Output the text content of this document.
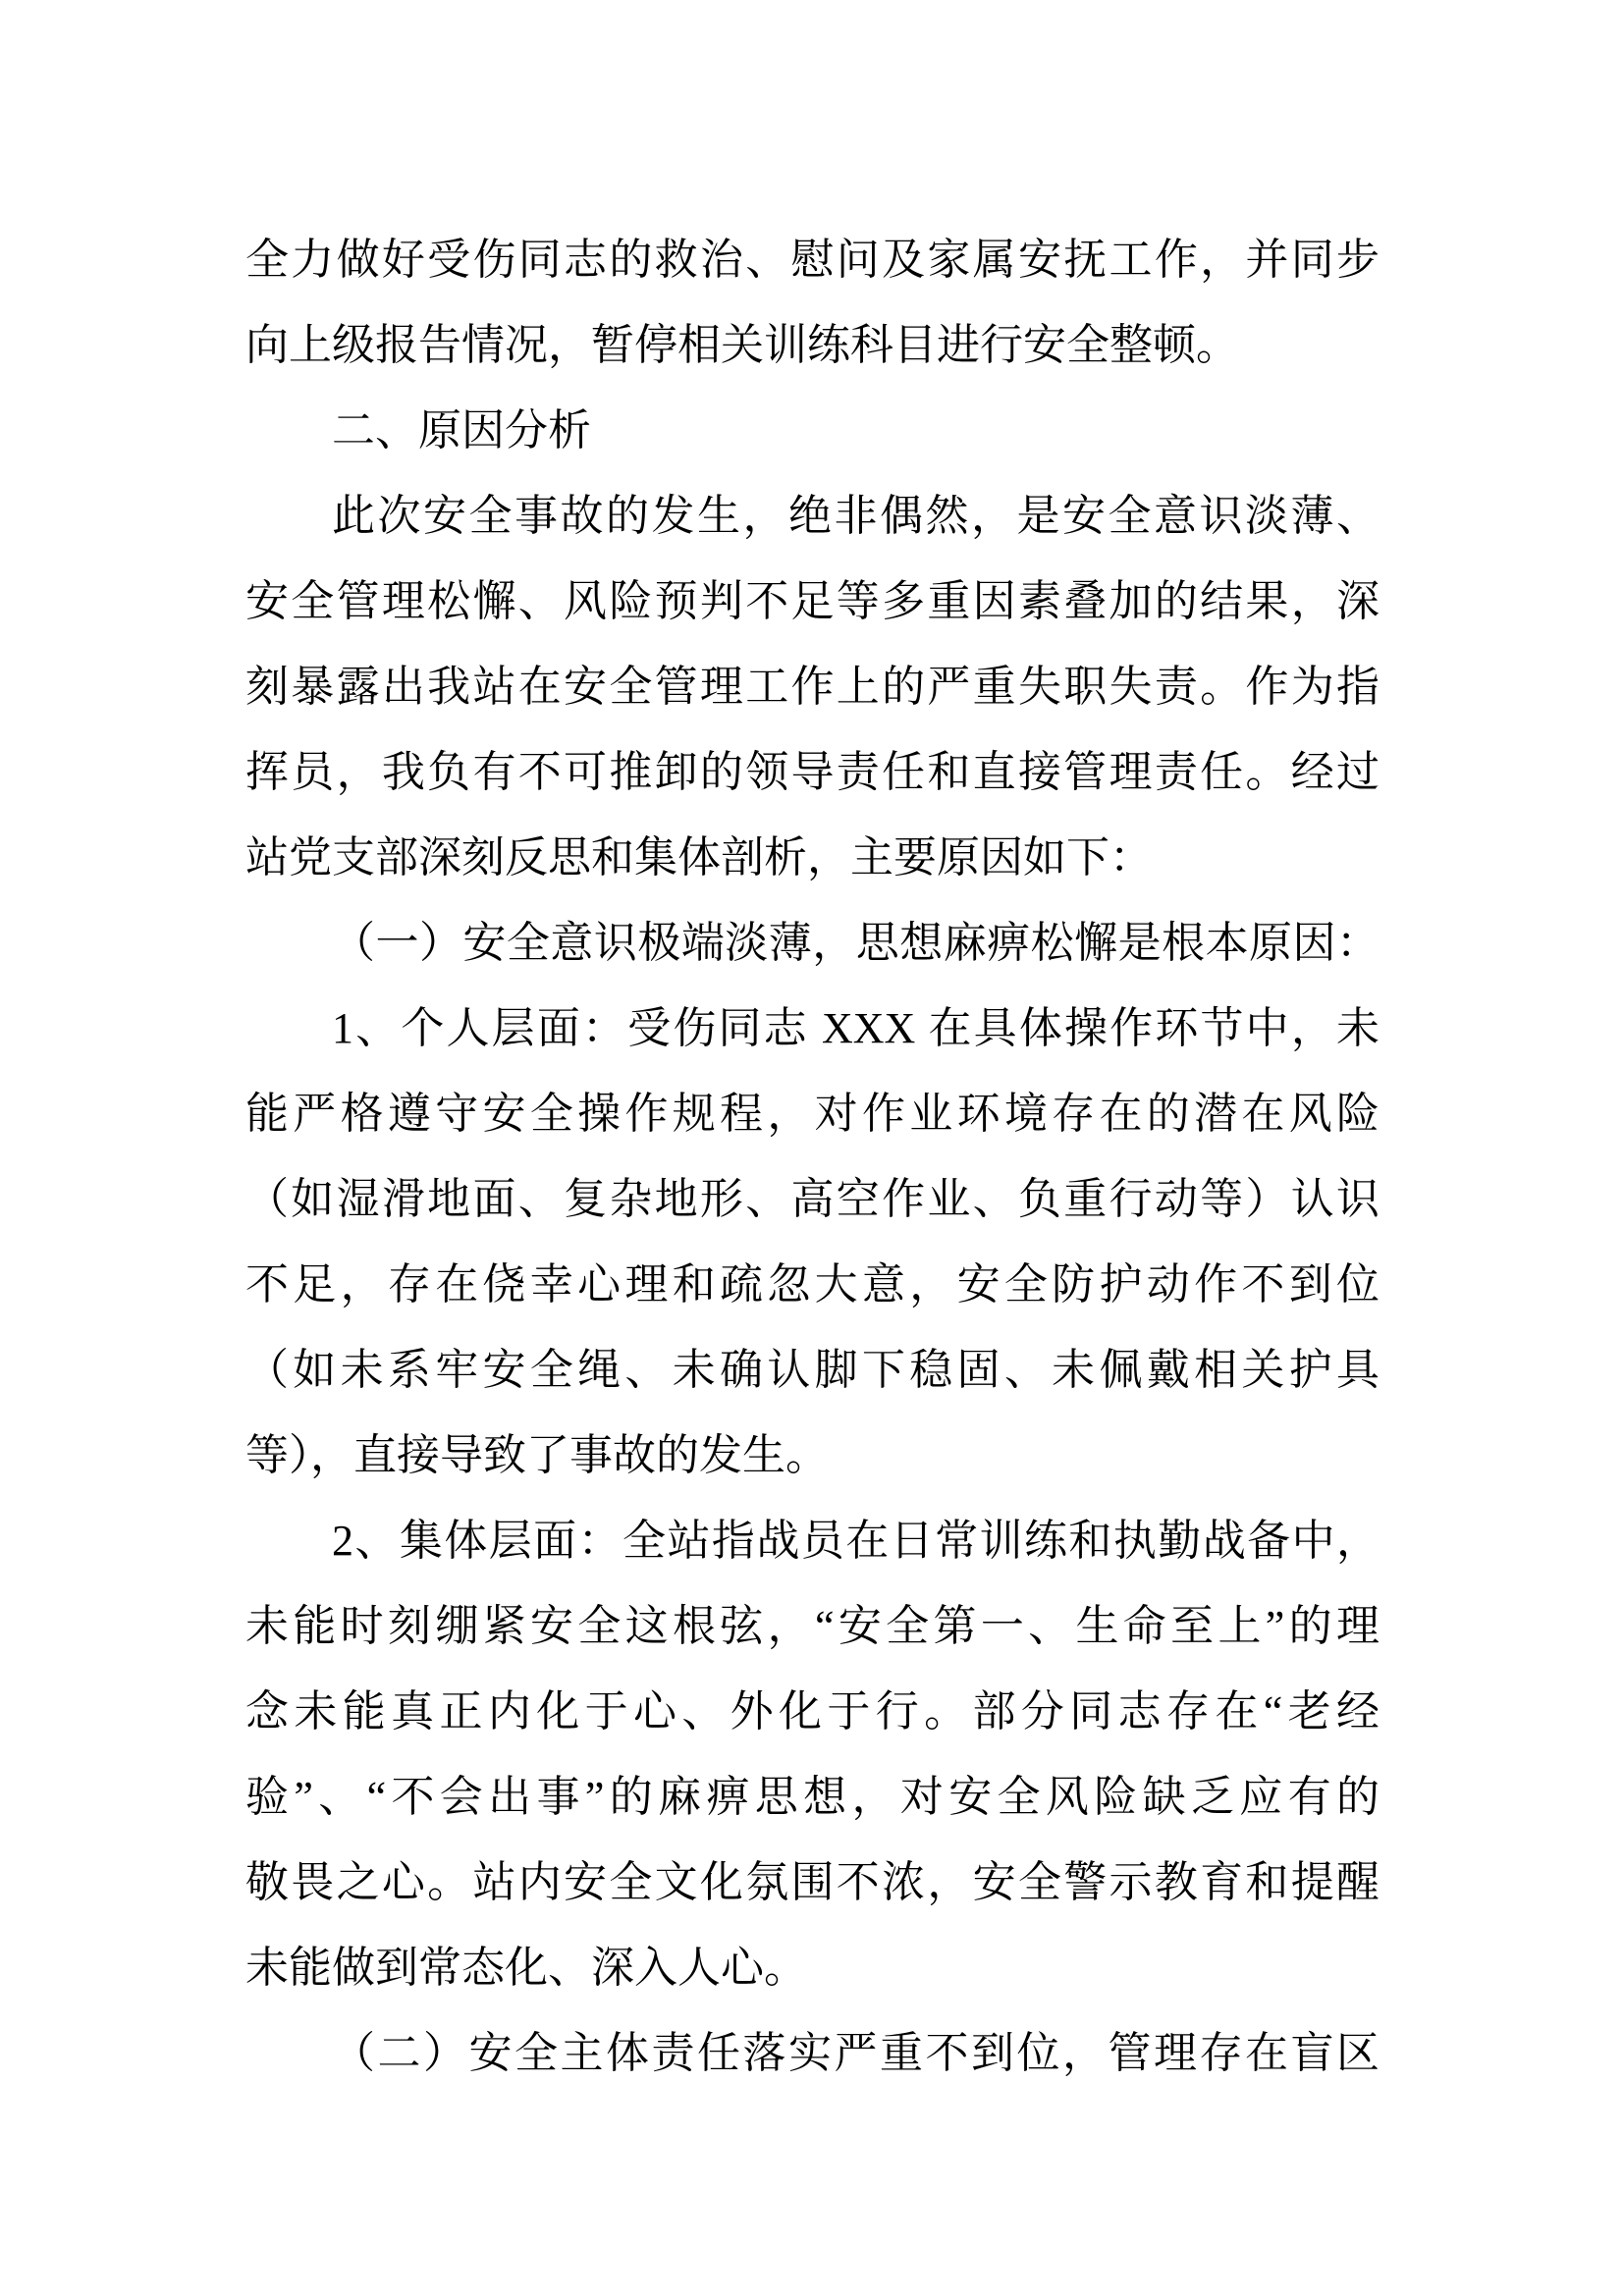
全力做好受伤同志的救治、慰问及家属安抚工作，并同步
向上级报告情况，暂停相关训练科目进行安全整顿。
二、原因分析
此次安全事故的发生，绝非偶然，是安全意识淡薄、
安全管理松懈、风险预判不足等多重因素叠加的结果，深
刻暴露出我站在安全管理工作上的严重失职失责。作为指
挥员，我负有不可推卸的领导责任和直接管理责任。经过
站党支部深刻反思和集体剖析，主要原因如下：
（一）安全意识极端淡薄，思想麻痹松懈是根本原因：
1、个人层面：受伤同志 XXX 在具体操作环节中，未
能严格遵守安全操作规程，对作业环境存在的潜在风险
（如湿滑地面、复杂地形、高空作业、负重行动等）认识
不足，存在侥幸心理和疏忽大意，安全防护动作不到位
（如未系牢安全绳、未确认脚下稳固、未佩戴相关护具
等），直接导致了事故的发生。
2、集体层面：全站指战员在日常训练和执勤战备中，
未能时刻绷紧安全这根弦，“安全第一、生命至上”的理
念未能真正内化于心、外化于行。部分同志存在“老经
验”、“不会出事”的麻痹思想，对安全风险缺乏应有的
敬畏之心。站内安全文化氛围不浓，安全警示教育和提醒
未能做到常态化、深入人心。
（二）安全主体责任落实严重不到位，管理存在盲区
